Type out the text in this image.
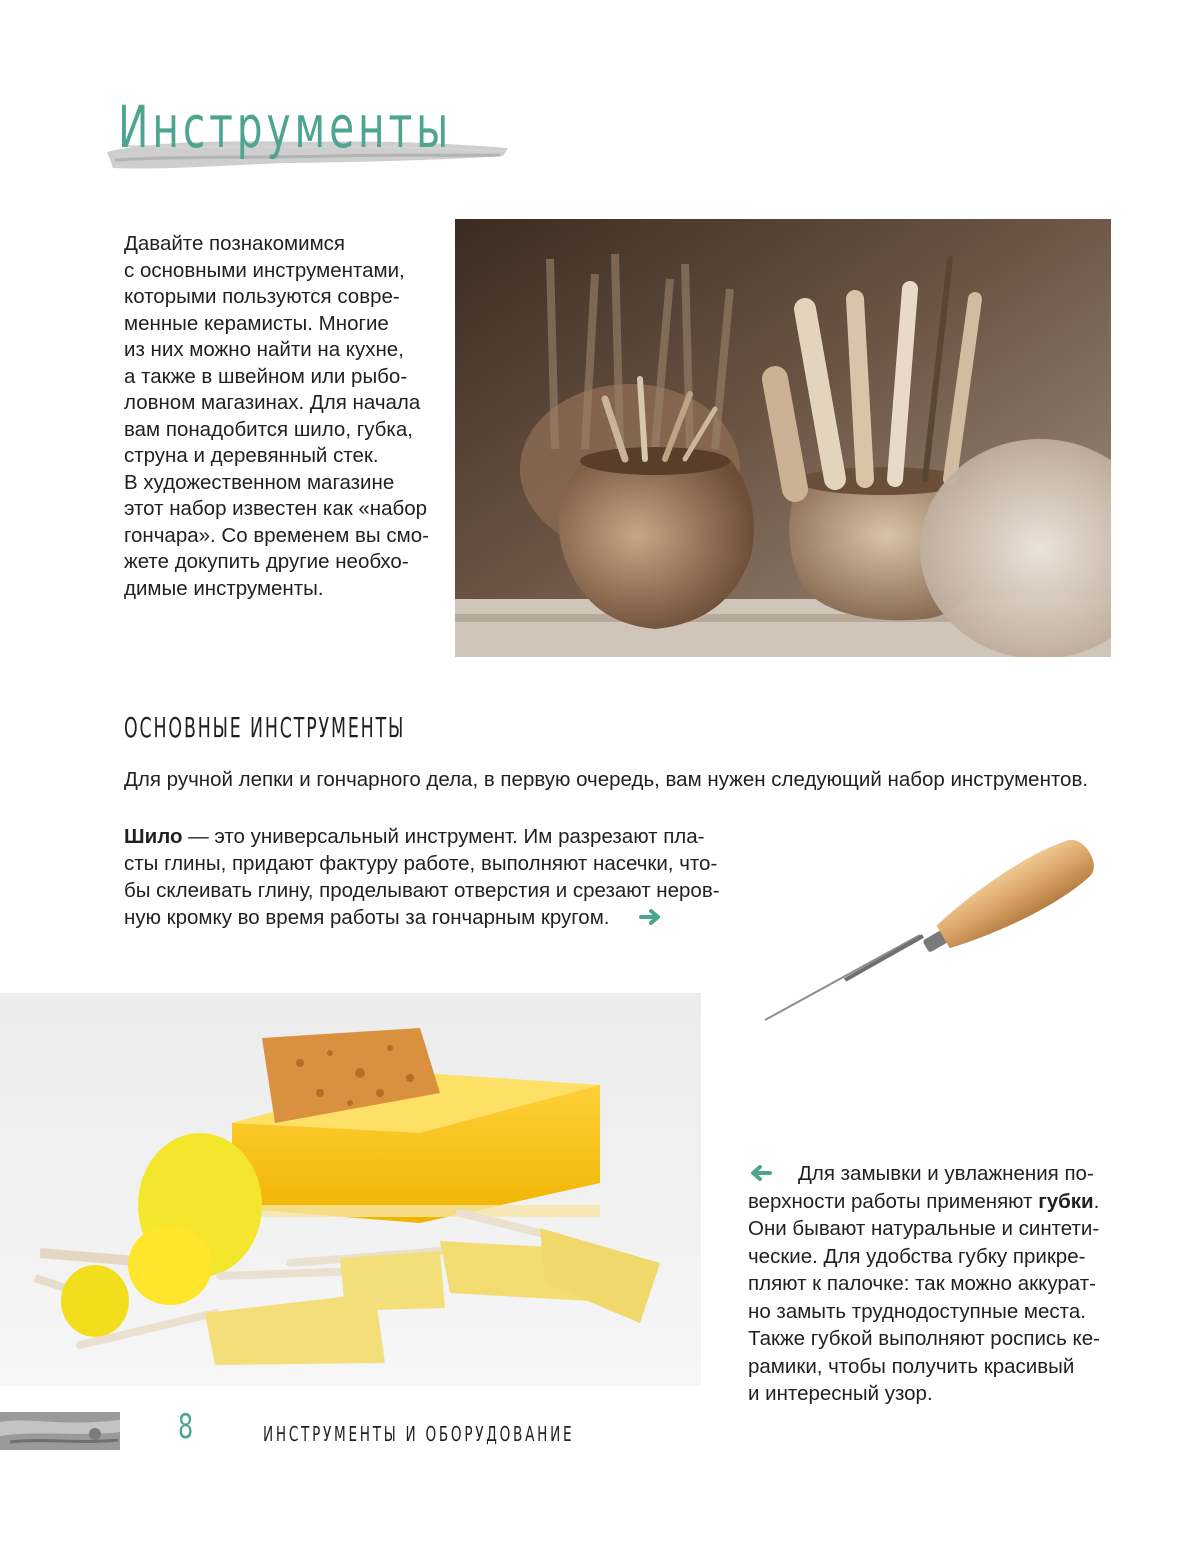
Инструменты
Давайте познакомимся
с основными инструментами,
которыми пользуются совре-
менные керамисты. Многие
из них можно найти на кухне,
а также в швейном или рыбо-
ловном магазинах. Для начала
вам понадобится шило, губка,
струна и деревянный стек.
В художественном магазине
этот набор известен как «набор
гончара». Со временем вы смо-
жете докупить другие необхо-
димые инструменты.
ОСНОВНЫЕ ИНСТРУМЕНТЫ

Для ручной лепки и гончарного дела, в первую очередь, вам нужен следующий набор инструментов.

Шило — это универсальный инструмент. Им разрезают пла-
сты глины, придают фактуру работе, выполняют насечки, что-
бы склеивать глину, проделывают отверстия и срезают неров-
ную кромку во время работы за гончарным кругом.
Для замывки и увлажнения по-
верхности работы применяют губки.
Они бывают натуральные и синтети-
ческие. Для удобства губку прикре-
пляют к палочке: так можно аккурат-
но замыть труднодоступные места.
Также губкой выполняют роспись ке-
рамики, чтобы получить красивый
и интересный узор.
8	ИНСТРУМЕНТЫ И ОБОРУДОВАНИЕ
